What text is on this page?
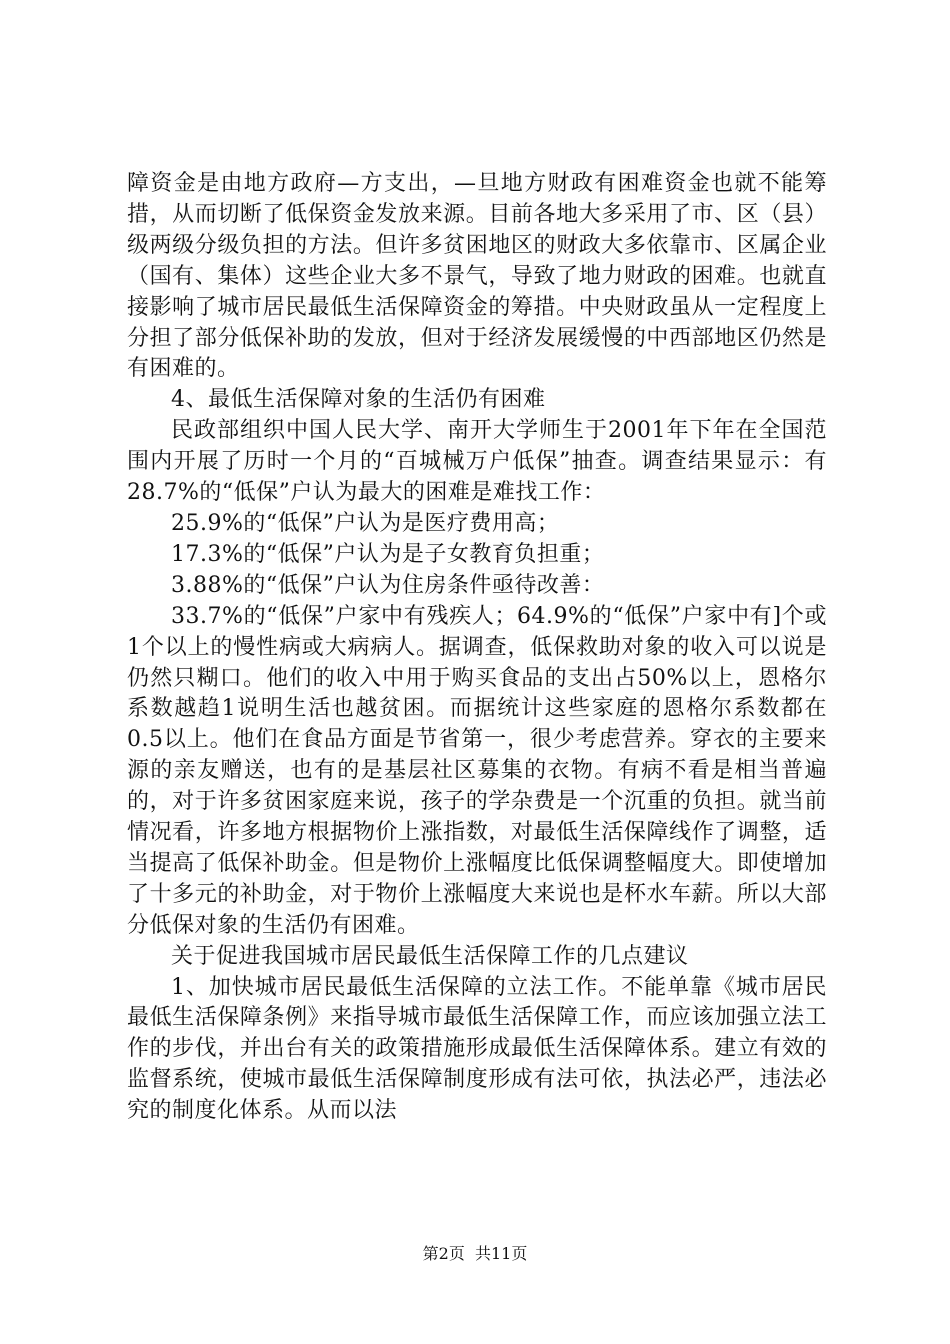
障资金是由地方政府—方支出，—旦地方财政有困难资金也就不能筹措，从而切断了低保资金发放来源。目前各地大多采用了市、区（县）级两级分级负担的方法。但许多贫困地区的财政大多依靠市、区属企业（国有、集体）这些企业大多不景气，导致了地力财政的困难。也就直接影响了城市居民最低生活保障资金的筹措。中央财政虽从一定程度上分担了部分低保补助的发放，但对于经济发展缓慢的中西部地区仍然是有困难的。

4、最低生活保障对象的生活仍有困难

民政部组织中国人民大学、南开大学师生于2001年下年在全国范围内开展了历时一个月的“百城械万户低保”抽查。调查结果显示：有28.7%的“低保”户认为最大的困难是难找工作：

25.9%的“低保”户认为是医疗费用高；

17.3%的“低保”户认为是子女教育负担重；

3.88%的“低保”户认为住房条件亟待改善：

33.7%的“低保”户家中有残疾人；64.9%的“低保”户家中有]个或1个以上的慢性病或大病病人。据调查，低保救助对象的收入可以说是仍然只糊口。他们的收入中用于购买食品的支出占50%以上，恩格尔系数越趋1说明生活也越贫困。而据统计这些家庭的恩格尔系数都在0.5以上。他们在食品方面是节省第一，很少考虑营养。穿衣的主要来源的亲友赠送，也有的是基层社区募集的衣物。有病不看是相当普遍的，对于许多贫困家庭来说，孩子的学杂费是一个沉重的负担。就当前情况看，许多地方根据物价上涨指数，对最低生活保障线作了调整，适当提高了低保补助金。但是物价上涨幅度比低保调整幅度大。即使增加了十多元的补助金，对于物价上涨幅度大来说也是杯水车薪。所以大部分低保对象的生活仍有困难。

关于促进我国城市居民最低生活保障工作的几点建议

1、加快城市居民最低生活保障的立法工作。不能单靠《城巿居民最低生活保障条例》来指导城市最低生活保障工作，而应该加强立法工作的步伐，并出台有关的政策措施形成最低生活保障体系。建立有效的监督系统，使城市最低生活保障制度形成有法可依，执法必严，违法必究的制度化体系。从而以法

第2页  共11页
